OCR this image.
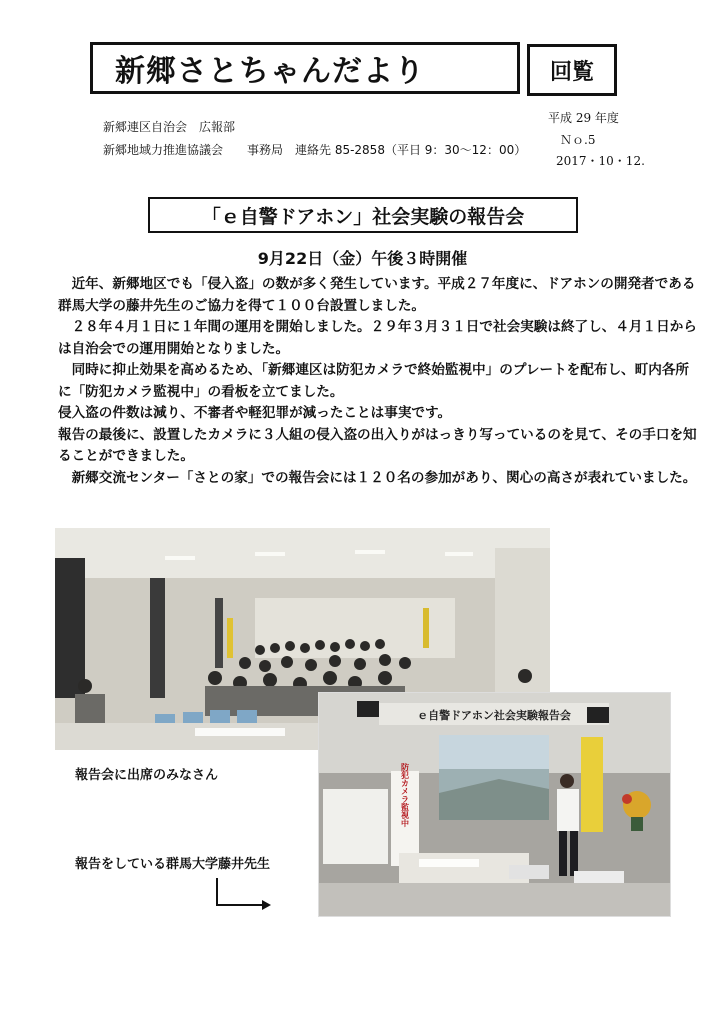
新郷さとちゃんだより	回覧
新郷連区自治会　広報部
新郷地域力推進協議会　　事務局　連絡先 85-2858（平日 9：30～12：00）
平成 29 年度
Ｎｏ.5
2017・10・12.
「ｅ自警ドアホン」社会実験の報告会
9月22日（金）午後３時開催

　近年、新郷地区でも「侵入盗」の数が多く発生しています。平成２７年度に、ドアホンの開発者である群馬大学の藤井先生のご協力を得て１００台設置しました。

　２８年４月１日に１年間の運用を開始しました。２９年３月３１日で社会実験は終了し、４月１日からは自治会での運用開始となりました。

　同時に抑止効果を高めるため、「新郷連区は防犯カメラで終始監視中」のプレートを配布し、町内各所に「防犯カメラ監視中」の看板を立てました。

侵入盗の件数は減り、不審者や軽犯罪が減ったことは事実です。

報告の最後に、設置したカメラに３人組の侵入盗の出入りがはっきり写っているのを見て、その手口を知ることができました。

　新郷交流センター「さとの家」での報告会には１２０名の参加があり、関心の高さが表れていました。

ｅ自警ドアホン社会実験報告会
防犯カメラ監視中
報告会に出席のみなさん
報告をしている群馬大学藤井先生
